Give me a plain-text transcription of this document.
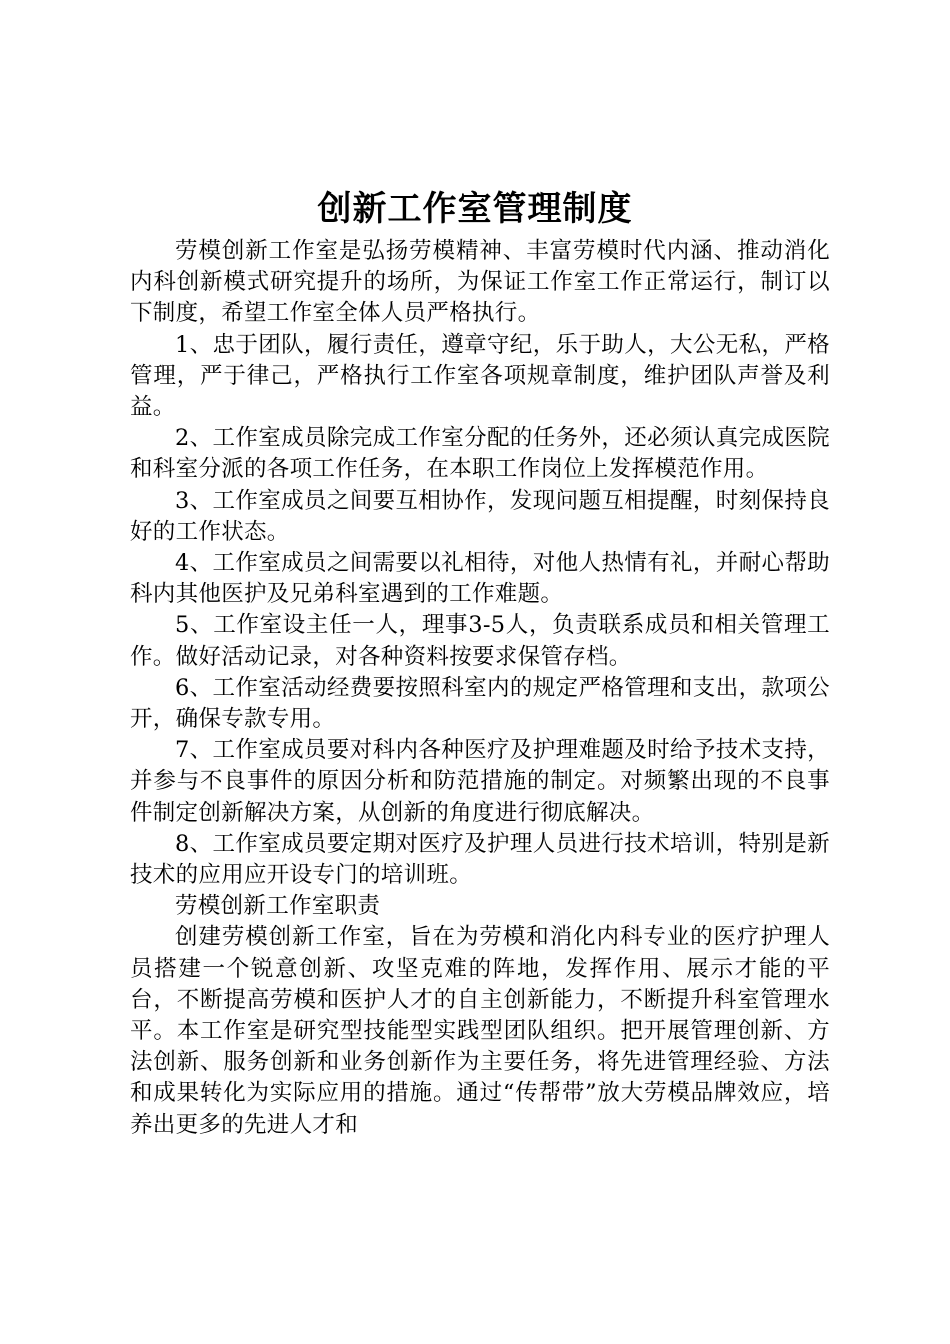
创新工作室管理制度

劳模创新工作室是弘扬劳模精神、丰富劳模时代内涵、推动消化内科创新模式研究提升的场所，为保证工作室工作正常运行，制订以下制度，希望工作室全体人员严格执行。

1、忠于团队，履行责任，遵章守纪，乐于助人，大公无私，严格管理，严于律己，严格执行工作室各项规章制度，维护团队声誉及利益。

2、工作室成员除完成工作室分配的任务外，还必须认真完成医院和科室分派的各项工作任务，在本职工作岗位上发挥模范作用。

3、工作室成员之间要互相协作，发现问题互相提醒，时刻保持良好的工作状态。

4、工作室成员之间需要以礼相待，对他人热情有礼，并耐心帮助科内其他医护及兄弟科室遇到的工作难题。

5、工作室设主任一人，理事3-5人，负责联系成员和相关管理工作。做好活动记录，对各种资料按要求保管存档。

6、工作室活动经费要按照科室内的规定严格管理和支出，款项公开，确保专款专用。

7、工作室成员要对科内各种医疗及护理难题及时给予技术支持，并参与不良事件的原因分析和防范措施的制定。对频繁出现的不良事件制定创新解决方案，从创新的角度进行彻底解决。

8、工作室成员要定期对医疗及护理人员进行技术培训，特别是新技术的应用应开设专门的培训班。

劳模创新工作室职责

创建劳模创新工作室，旨在为劳模和消化内科专业的医疗护理人员搭建一个锐意创新、攻坚克难的阵地，发挥作用、展示才能的平台，不断提高劳模和医护人才的自主创新能力，不断提升科室管理水平。本工作室是研究型技能型实践型团队组织。把开展管理创新、方法创新、服务创新和业务创新作为主要任务，将先进管理经验、方法和成果转化为实际应用的措施。通过“传帮带”放大劳模品牌效应，培养出更多的先进人才和
